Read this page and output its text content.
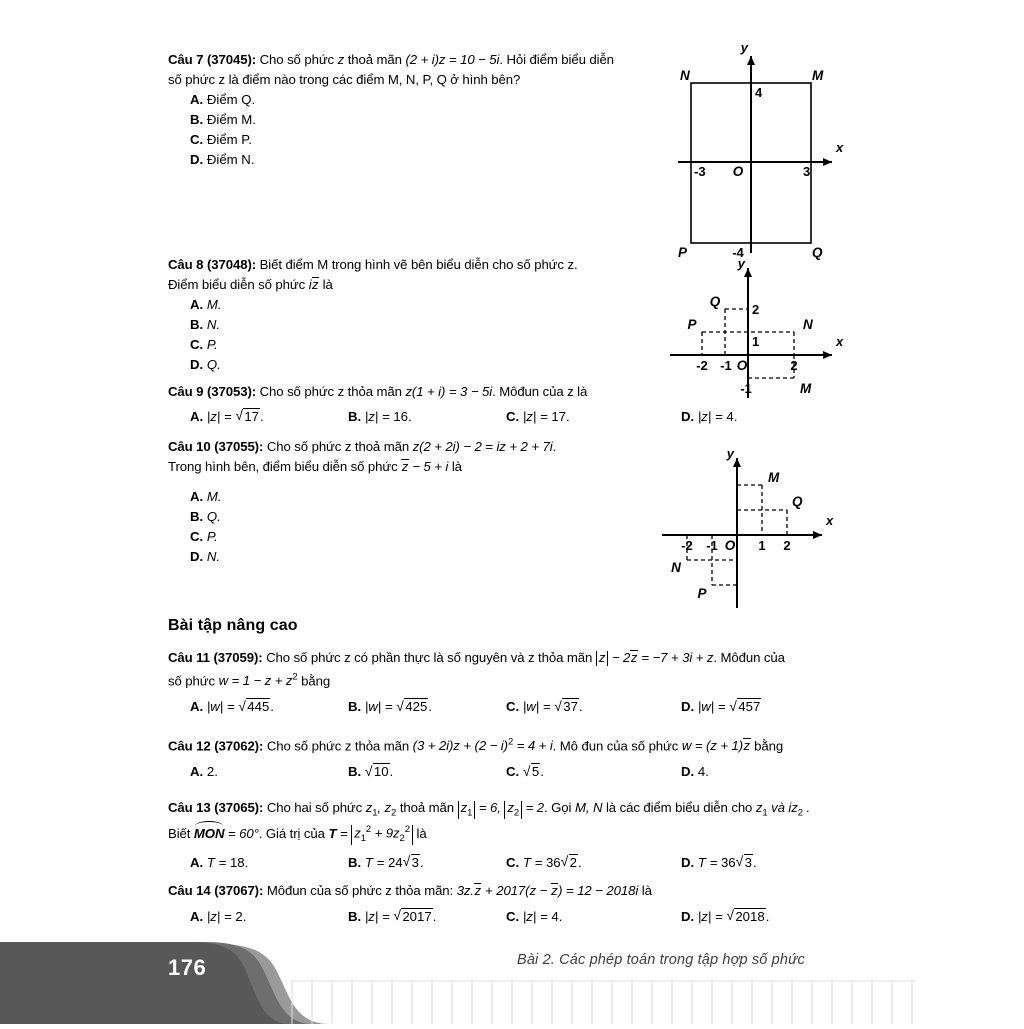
Câu 7 (37045): Cho số phức z thoả mãn (2 + i)z = 10 − 5i. Hỏi điểm biểu diễn
số phức z là điểm nào trong các điểm M, N, P, Q ở hình bên?
A. Điểm Q.
B. Điểm M.
C. Điểm P.
D. Điểm N.
y
x
N	M
P	Q
4
-4
-3	3
O
Câu 8 (37048): Biết điểm M trong hình vẽ bên biểu diễn cho số phức z.
Điểm biểu diễn số phức iz là
A. M.
B. N.
C. P.
D. Q.
y
x
Q
P	N
M
2
1
-2 -1	2
-1
O
Câu 9 (37053): Cho số phức z thỏa mãn z(1 + i) = 3 − 5i. Môđun của z là
A. |z| = √ 17.	B. |z| = 16.	C. |z| = 17.	D. |z| = 4.
Câu 10 (37055): Cho số phức z thoả mãn z(2 + 2i) − 2 = iz + 2 + 7i.
Trong hình bên, điểm biểu diễn số phức z − 5 + i là
A. M.
B. Q.
C. P.
D. N.
y
x
M
Q
N
P
-2 -1	1 2
O
Bài tập nâng cao
Câu 11 (37059): Cho số phức z có phần thực là số nguyên và z thỏa mãn z − 2z = −7 + 3i + z. Môđun của
số phức $w = 1 - z + z^2$ bằng
A. |w| = √ 445.	B. |w| = √ 425.	C. |w| = √ 37.	D. |w| = √ 457
Câu 12 (37062): Cho số phức z thỏa mãn $(3 + 2i)z + (2 - i)^2 = 4 + i$. Mô đun của số phức w = (z + 1)z bằng
A. 2.	B. √ 10.	C. √ 5.	D. 4.
Câu 13 (37065): Cho hai số phức $z_1$, $z_2$ thoả mãn $z_1 = 6$, $z_2 = 2$. Gọi M, N là các điểm biểu diễn cho $z_1$ và $iz_2$ .
Biết MON = 60°. Giá trị của $T = z_1^2 + 9z_2^2$ là
A. T = 18.	B. T = 24 √ 3.	C. T = 36 √ 2.	D. T = 36 √ 3.
Câu 14 (37067): Môđun của số phức z thỏa mãn: 3z.z + 2017(z − z) = 12 − 2018i là
A. |z| = 2.	B. |z| = √ 2017.	C. |z| = 4.	D. |z| = √ 2018.
176	Bài 2. Các phép toán trong tập hợp số phức
